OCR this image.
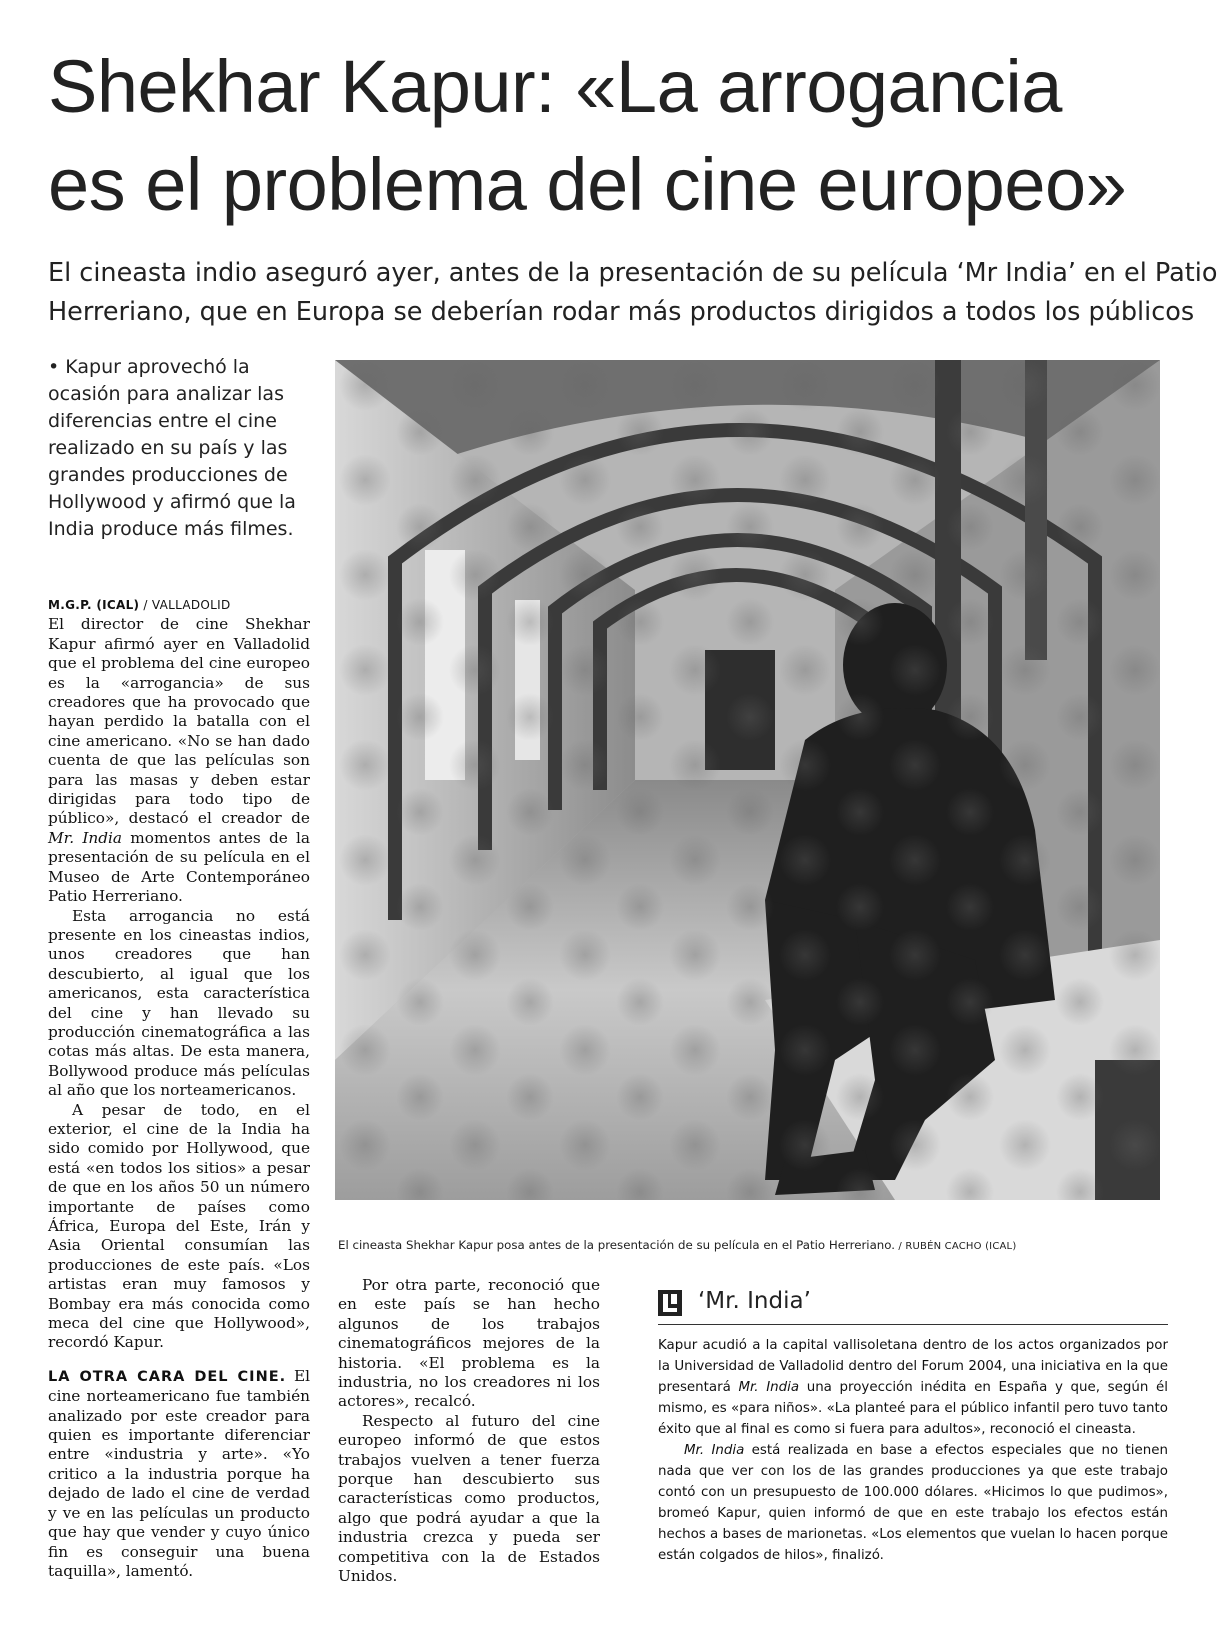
Shekhar Kapur: «La arrogancia
es el problema del cine europeo»

El cineasta indio aseguró ayer, antes de la presentación de su película ‘Mr India’ en el Patio
Herreriano, que en Europa se deberían rodar más productos dirigidos a todos los públicos

• Kapur aprovechó la ocasión para analizar las diferencias entre el cine realizado en su país y las grandes producciones de Hollywood y afirmó que la India produce más filmes.
M.G.P. (ICAL) / VALLADOLID

El director de cine Shekhar Kapur afirmó ayer en Valladolid que el problema del cine europeo es la «arrogancia» de sus creadores que ha provocado que hayan perdido la batalla con el cine americano. «No se han dado cuenta de que las películas son para las masas y deben estar dirigidas para todo tipo de público», destacó el creador de Mr. India momentos antes de la presentación de su película en el Museo de Arte Contemporáneo Patio Herreriano.

Esta arrogancia no está presente en los cineastas indios, unos creadores que han descubierto, al igual que los americanos, esta característica del cine y han llevado su producción cinematográfica a las cotas más altas. De esta manera, Bollywood produce más películas al año que los norteamericanos.

A pesar de todo, en el exterior, el cine de la India ha sido comido por Hollywood, que está «en todos los sitios» a pesar de que en los años 50 un número importante de países como África, Europa del Este, Irán y Asia Oriental consumían las producciones de este país. «Los artistas eran muy famosos y Bombay era más conocida como meca del cine que Hollywood», recordó Kapur.

LA OTRA CARA DEL CINE. El cine norteamericano fue también analizado por este creador para quien es importante diferenciar entre «industria y arte». «Yo critico a la industria porque ha dejado de lado el cine de verdad y ve en las películas un producto que hay que vender y cuyo único fin es conseguir una buena taquilla», lamentó.

Por otra parte, reconoció que en este país se han hecho algunos de los trabajos cinematográficos mejores de la historia. «El problema es la industria, no los creadores ni los actores», recalcó.

Respecto al futuro del cine europeo informó de que estos trabajos vuelven a tener fuerza porque han descubierto sus características como productos, algo que podrá ayudar a que la industria crezca y pueda ser competitiva con la de Estados Unidos.

El cineasta Shekhar Kapur posa antes de la presentación de su película en el Patio Herreriano. / RUBÉN CACHO (ICAL)
‘Mr. India’

Kapur acudió a la capital vallisoletana dentro de los actos organizados por la Universidad de Valladolid dentro del Forum 2004, una iniciativa en la que presentará Mr. India una proyección inédita en España y que, según él mismo, es «para niños». «La planteé para el público infantil pero tuvo tanto éxito que al final es como si fuera para adultos», reconoció el cineasta.

Mr. India está realizada en base a efectos especiales que no tienen nada que ver con los de las grandes producciones ya que este trabajo contó con un presupuesto de 100.000 dólares. «Hicimos lo que pudimos», bromeó Kapur, quien informó de que en este trabajo los efectos están hechos a bases de marionetas. «Los elementos que vuelan lo hacen porque están colgados de hilos», finalizó.
